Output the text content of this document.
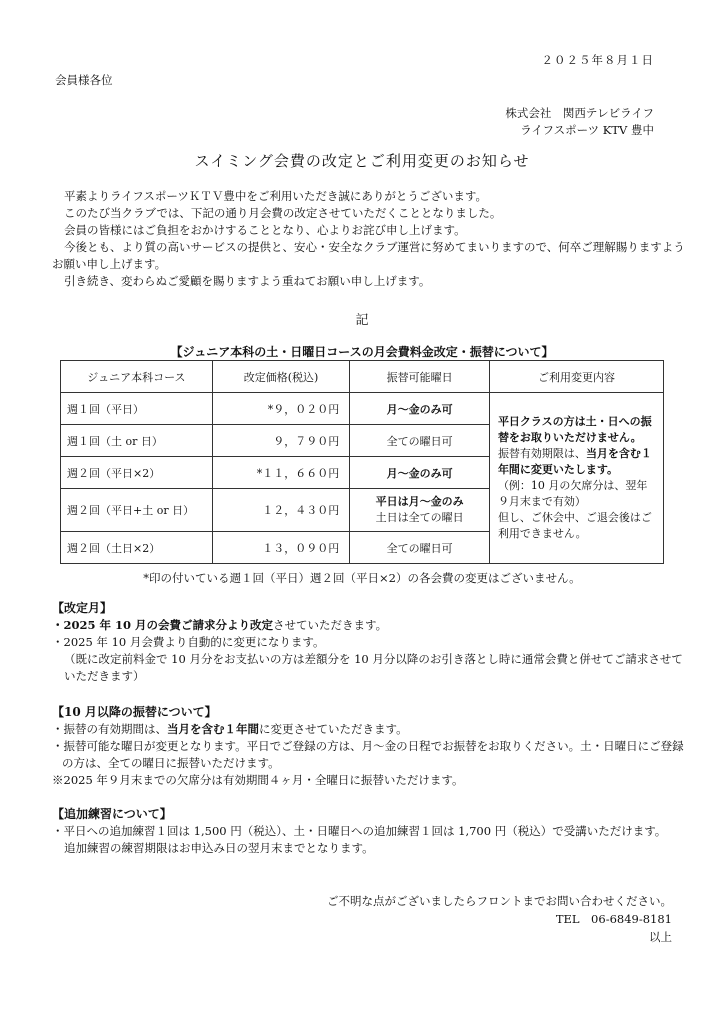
２０２５年８月１日
会員様各位
株式会社　関西テレビライフ
ライフスポーツ KTV 豊中
スイミング会費の改定とご利用変更のお知らせ

平素よりライフスポーツＫＴＶ豊中をご利用いただき誠にありがとうございます。

このたび当クラブでは、下記の通り月会費の改定させていただくこととなりました。

会員の皆様にはご負担をおかけすることとなり、心よりお詫び申し上げます。

今後とも、より質の高いサービスの提供と、安心・安全なクラブ運営に努めてまいりますので、何卒ご理解賜りますようお願い申し上げます。

引き続き、変わらぬご愛顧を賜りますよう重ねてお願い申し上げます。

記
【ジュニア本科の土・日曜日コースの月会費料金改定・振替について】
ジュニア本科コース	改定価格(税込)	振替可能曜日	ご利用変更内容
週１回（平日）	*９，０２０円	月〜金のみ可	平日クラスの方は土・日への振替をお取りいただけません。
振替有効期限は、当月を含む１年間に変更いたします。
（例：10 月の欠席分は、翌年９月末まで有効）
但し、ご休会中、ご退会後はご利用できません。
週１回（土 or 日）	９，７９０円	全ての曜日可	
週２回（平日×2）	*１１，６６０円	月〜金のみ可	
週２回（平日+土 or 日）	１２，４３０円	平日は月〜金のみ
土日は全ての曜日	
週２回（土日×2）	１３，０９０円	全ての曜日可	
*印の付いている週１回（平日）週２回（平日×2）の各会費の変更はございません。
【改定月】

・2025 年 10 月の会費ご請求分より改定させていただきます。

・2025 年 10 月会費より自動的に変更になります。

（既に改定前料金で 10 月分をお支払いの方は差額分を 10 月分以降のお引き落とし時に通常会費と併せてご請求させていただきます）

【10 月以降の振替について】

・振替の有効期間は、当月を含む１年間に変更させていただきます。

・振替可能な曜日が変更となります。平日でご登録の方は、月〜金の日程でお振替をお取りください。土・日曜日にご登録の方は、全ての曜日に振替いただけます。

※2025 年９月末までの欠席分は有効期間４ヶ月・全曜日に振替いただけます。

【追加練習について】

・平日への追加練習１回は 1,500 円（税込）、土・日曜日への追加練習１回は 1,700 円（税込）で受講いただけます。

追加練習の練習期限はお申込み日の翌月末までとなります。

ご不明な点がございましたらフロントまでお問い合わせください。
TEL　06-6849-8181
以上
